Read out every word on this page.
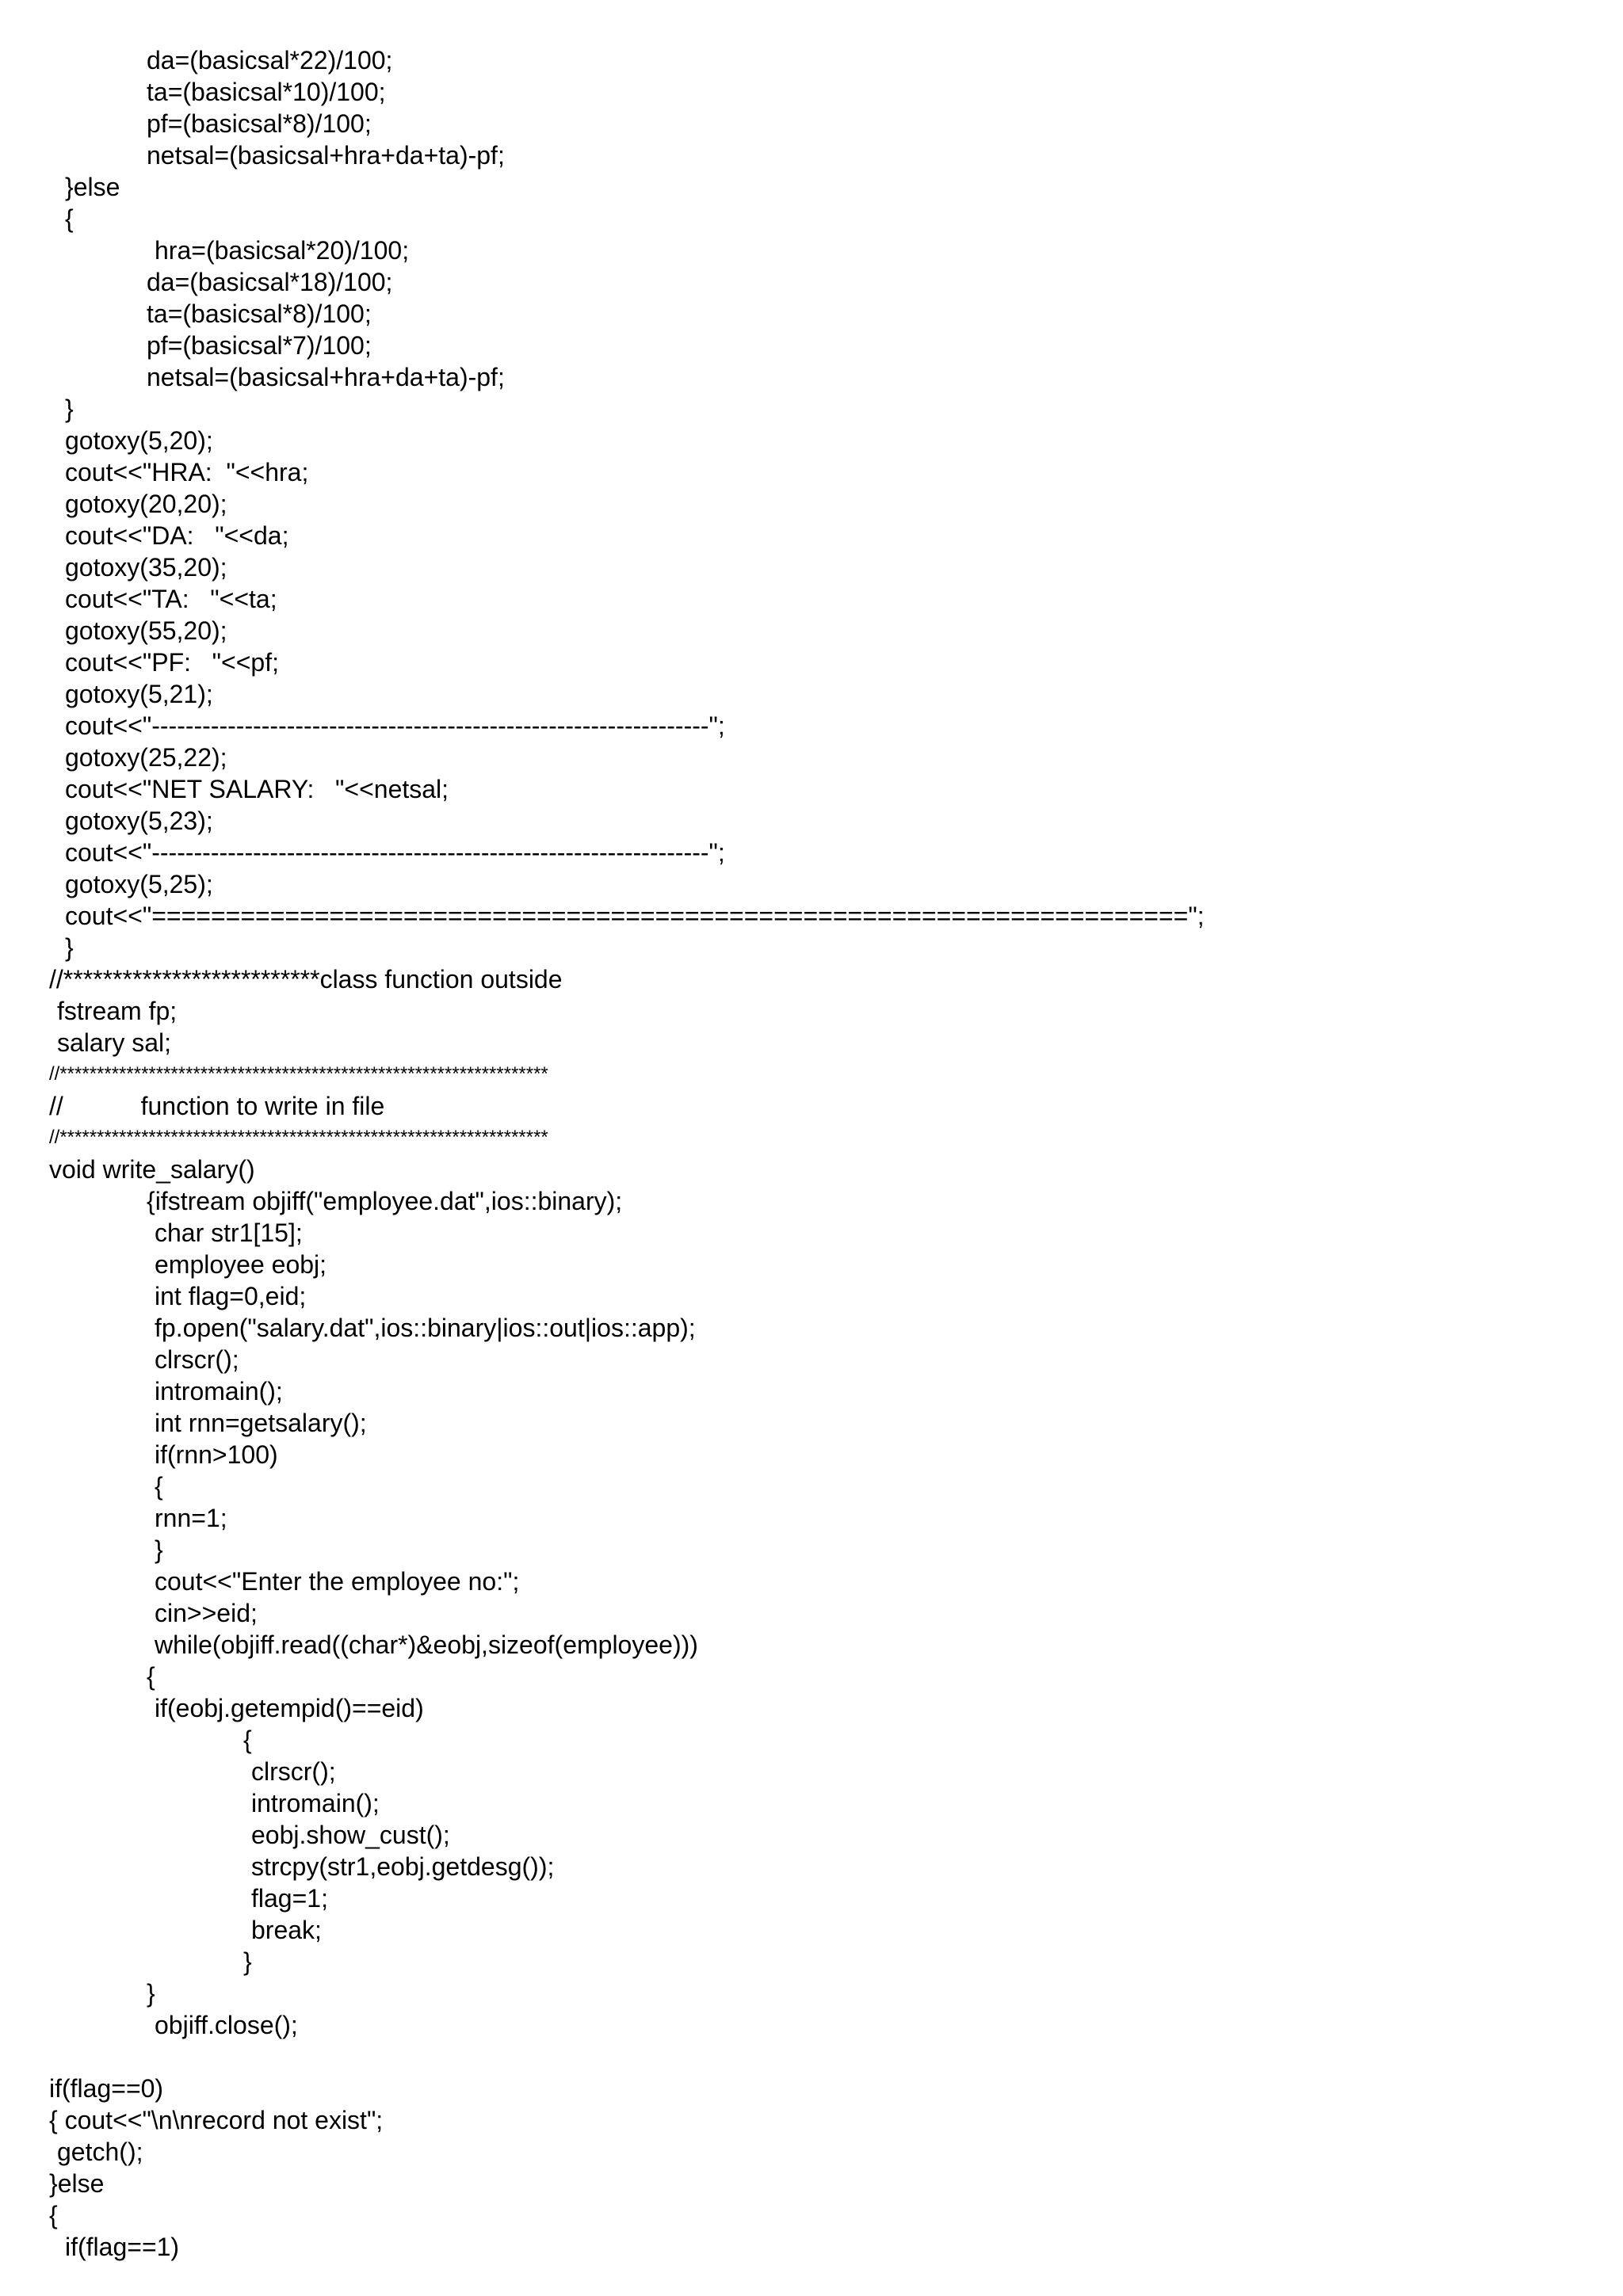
da=(basicsal*22)/100;
ta=(basicsal*10)/100;
pf=(basicsal*8)/100;
netsal=(basicsal+hra+da+ta)-pf;
}else
{
hra=(basicsal*20)/100;
da=(basicsal*18)/100;
ta=(basicsal*8)/100;
pf=(basicsal*7)/100;
netsal=(basicsal+hra+da+ta)-pf;
}
gotoxy(5,20);
cout<<"HRA:  "<<hra;
gotoxy(20,20);
cout<<"DA:   "<<da;
gotoxy(35,20);
cout<<"TA:   "<<ta;
gotoxy(55,20);
cout<<"PF:   "<<pf;
gotoxy(5,21);
cout<<"------------------------------------------------------------------";
gotoxy(25,22);
cout<<"NET SALARY:   "<<netsal;
gotoxy(5,23);
cout<<"------------------------------------------------------------------";
gotoxy(5,25);
cout<<"======================================================================";
}
//**************************class function outside
fstream fp;
salary sal;
//******************************************************************
//           function to write in file
//******************************************************************
void write_salary()
{ifstream objiff("employee.dat",ios::binary);
char str1[15];
employee eobj;
int flag=0,eid;
fp.open("salary.dat",ios::binary|ios::out|ios::app);
clrscr();
intromain();
int rnn=getsalary();
if(rnn>100)
{
rnn=1;
}
cout<<"Enter the employee no:";
cin>>eid;
while(objiff.read((char*)&eobj,sizeof(employee)))
{
if(eobj.getempid()==eid)
{
clrscr();
intromain();
eobj.show_cust();
strcpy(str1,eobj.getdesg());
flag=1;
break;
}
}
objiff.close();
if(flag==0)
{ cout<<"\n\nrecord not exist";
getch();
}else
{
if(flag==1)
